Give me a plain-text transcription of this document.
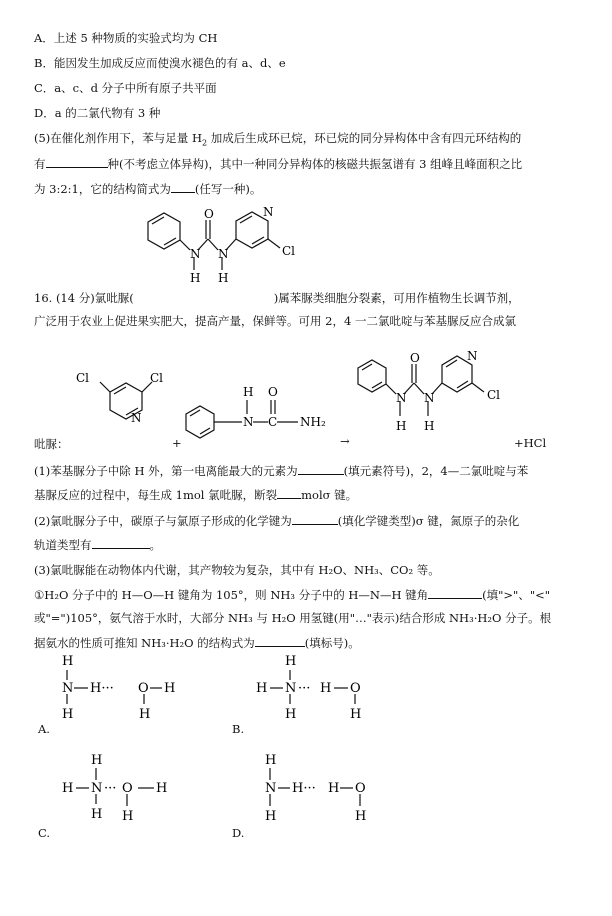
A．上述 5 种物质的实验式均为 CH
B．能因发生加成反应而使溴水褪色的有 a、d、e
C．a、c、d 分子中所有原子共平面
D．a 的二氯代物有 3 种
(5)在催化剂作用下，苯与足量 $H_2$ 加成后生成环已烷，环已烷的同分异构体中含有四元环结构的
有	种(不考虑立体异构)，其中一种同分异构体的核磁共振氢谱有 3 组峰且峰面积之比
为 3:2:1，它的结构简式为 (任写一种)。
N N
O	N
Cl
H H
16. (14 分)氯吡脲(	)属苯脲类细胞分裂素，可用作植物生长调节剂，
广泛用于农业上促进果实肥大，提高产量，保鲜等。可用 2，4 一二氯吡啶与苯基脲反应合成氯
Cl	Cl
N
吡脲：	+
N C
H O
NH₂
→
N N
O	N
Cl
H H
+HCl
(1)苯基脲分子中除 H 外，第一电离能最大的元素为	(填元素符号)，2，4—二氯吡啶与苯
基脲反应的过程中，每生成 1mol 氯吡脲，断裂 molσ 键。
(2)氯吡脲分子中，碳原子与氯原子形成的化学键为	(填化学键类型)σ 键，氮原子的杂化
轨道类型有	。
(3)氯吡脲能在动物体内代谢，其产物较为复杂，其中有 H₂O、NH₃、CO₂ 等。
①H₂O 分子中的 H—O—H 键角为 105°，则 NH₃ 分子中的 H—N—H 键角	(填">"、"<"
或"=")105°，氨气溶于水时，大部分 NH₃ 与 H₂O 用氢键(用"…"表示)结合形成 NH₃·H₂O 分子。根
据氨水的性质可推知 NH₃·H₂O 的结构式为	(填标号)。
H
N
H
H··· O H
H
A.
H
H
N
H
··· H O
H
B.
H
H
N
H
··· O
H
H
C.
H
N
H
H··· H O
H
D.
